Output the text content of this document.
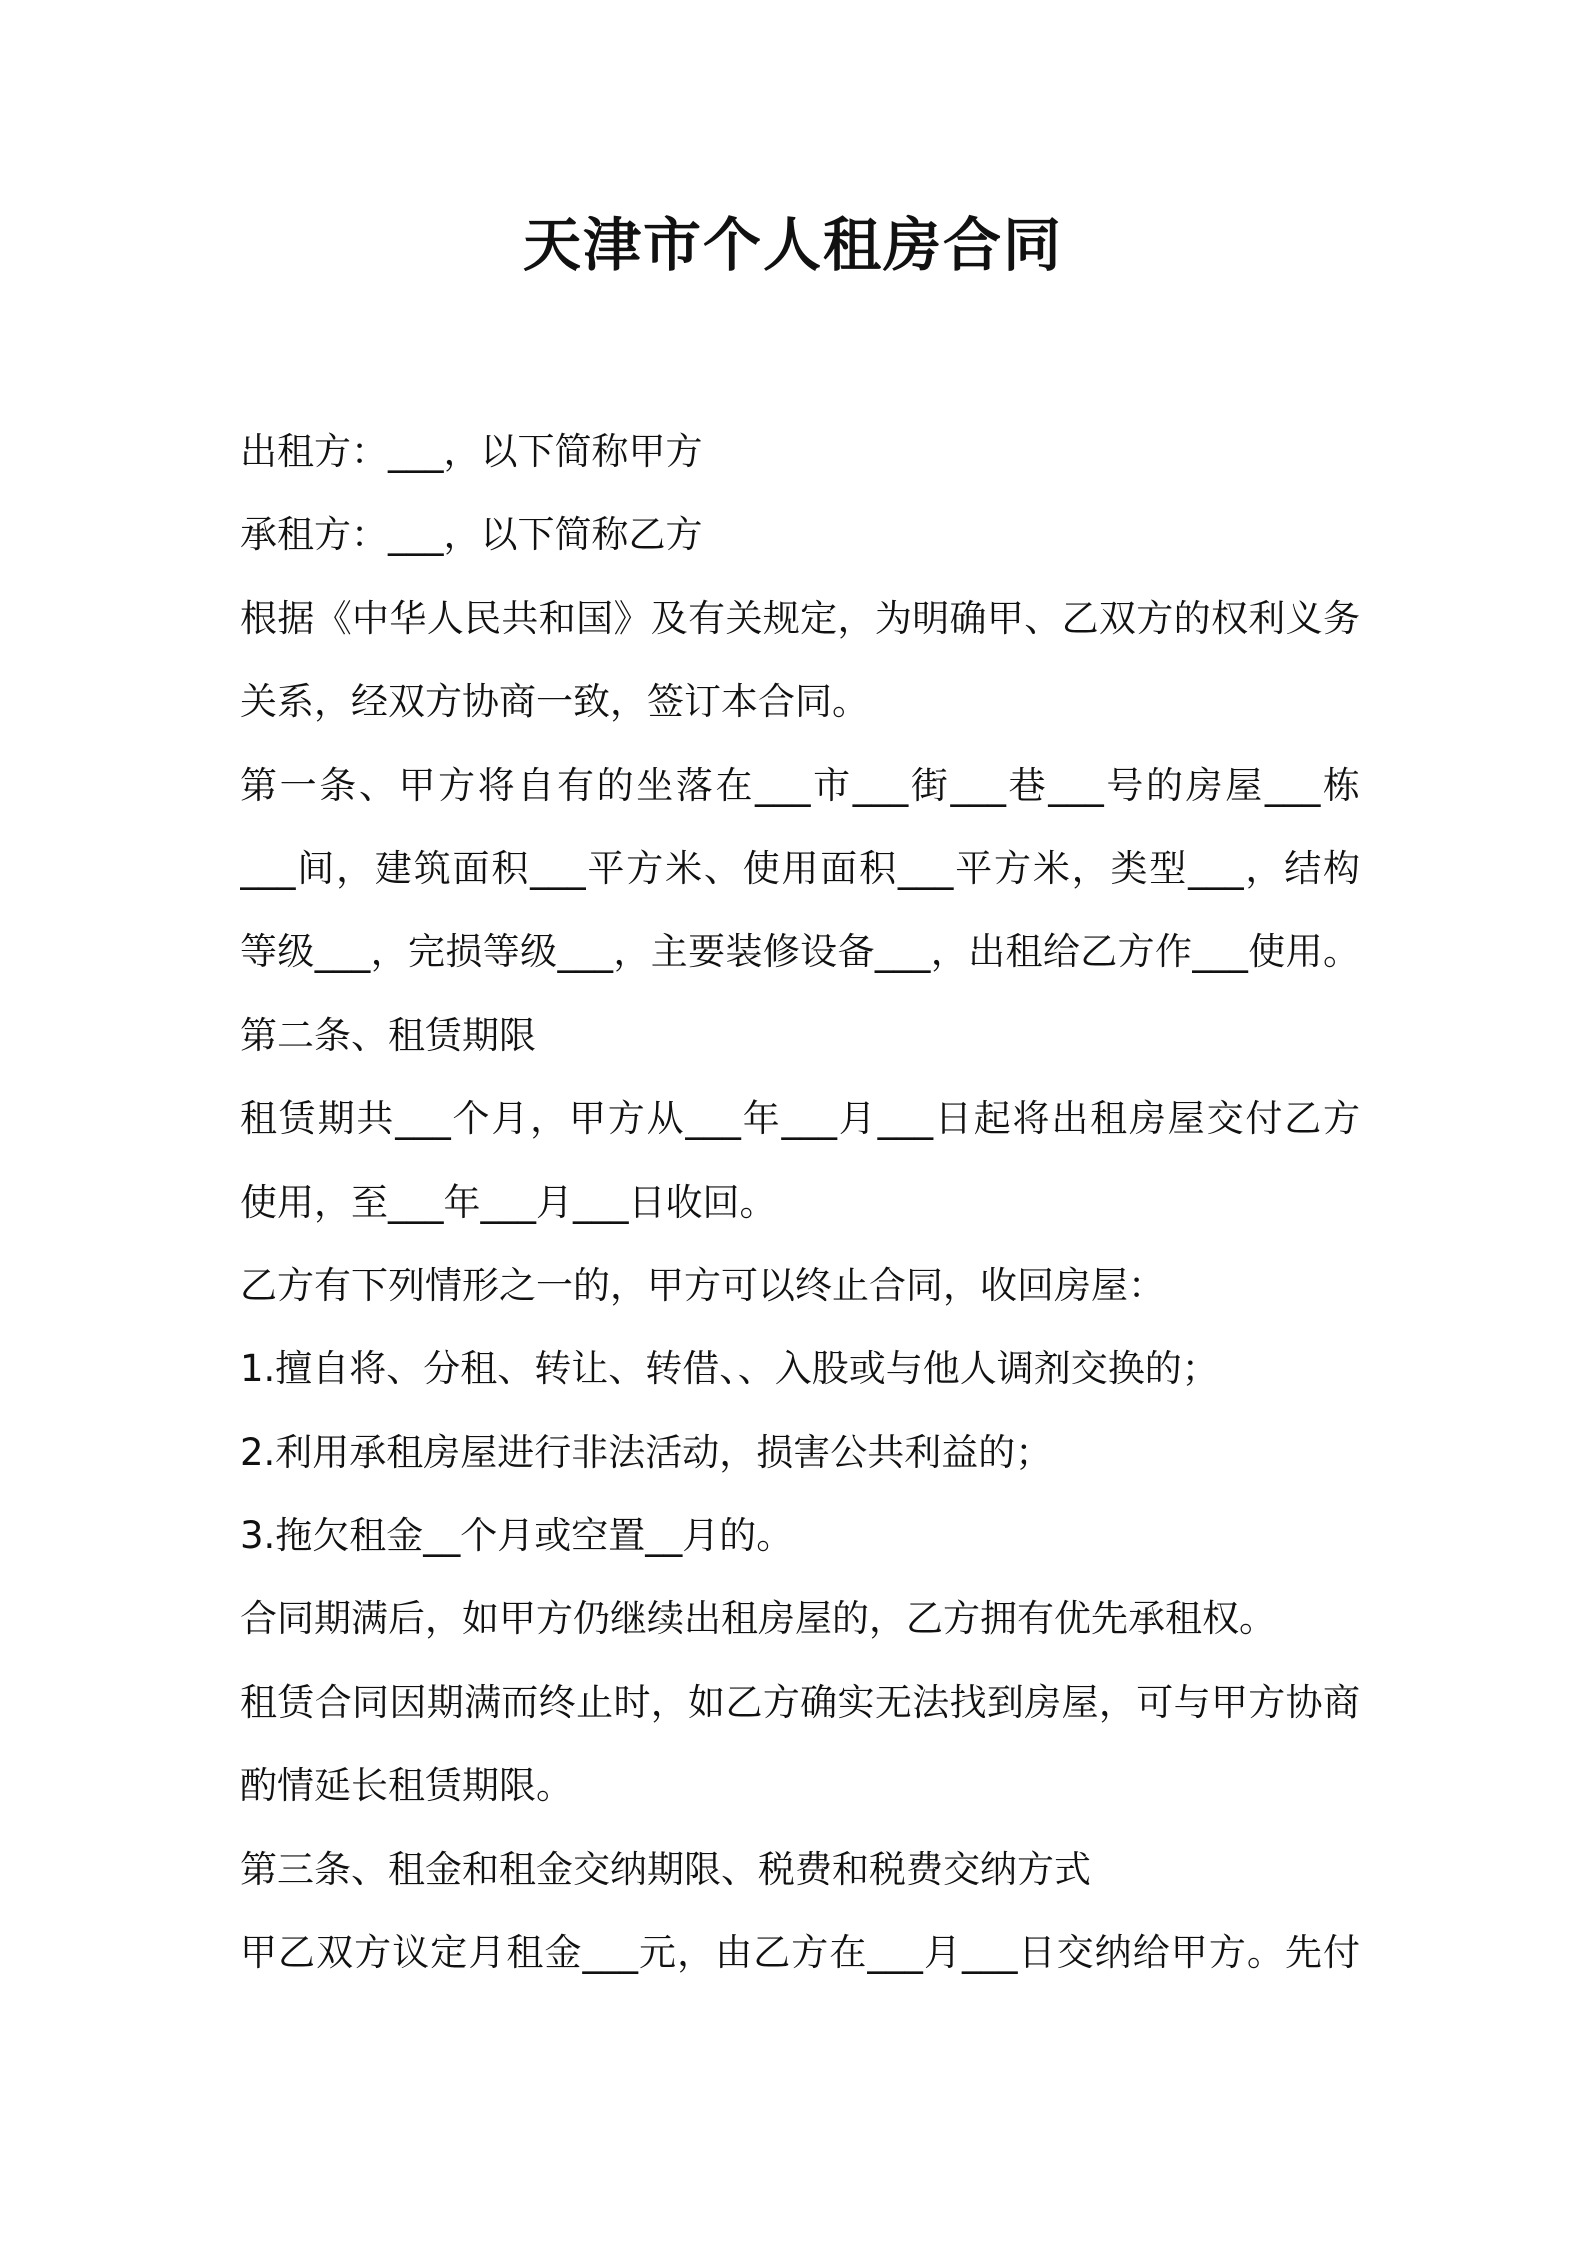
天津市个人租房合同
出租方：___，以下简称甲方
承租方：___，以下简称乙方
根据《中华人民共和国》及有关规定，为明确甲、乙双方的权利义务
关系，经双方协商一致，签订本合同。
第一条、甲方将自有的坐落在___市___街___巷___号的房屋___栋
___间，建筑面积___平方米、使用面积___平方米，类型___，结构
等级___，完损等级___，主要装修设备___，出租给乙方作___使用。
第二条、租赁期限
租赁期共___个月，甲方从___年___月___日起将出租房屋交付乙方
使用，至___年___月___日收回。
乙方有下列情形之一的，甲方可以终止合同，收回房屋：
1.擅自将、分租、转让、转借、、入股或与他人调剂交换的；
2.利用承租房屋进行非法活动，损害公共利益的；
3.拖欠租金__个月或空置__月的。
合同期满后，如甲方仍继续出租房屋的，乙方拥有优先承租权。
租赁合同因期满而终止时，如乙方确实无法找到房屋，可与甲方协商
酌情延长租赁期限。
第三条、租金和租金交纳期限、税费和税费交纳方式
甲乙双方议定月租金___元，由乙方在___月___日交纳给甲方。先付
